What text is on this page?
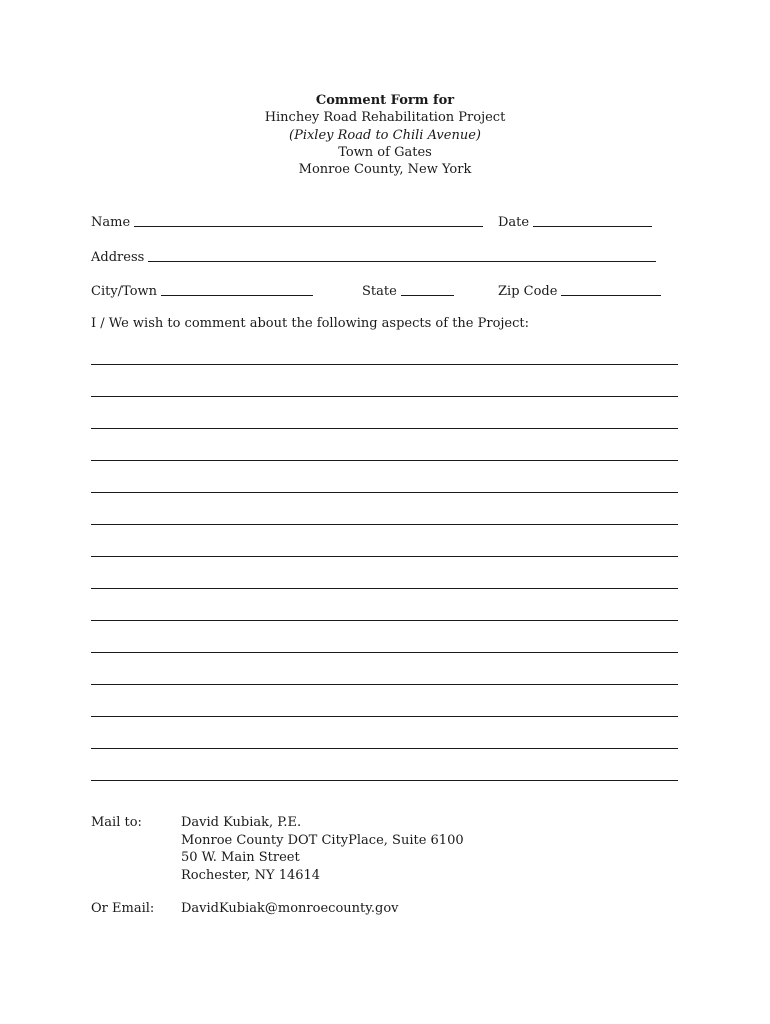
Comment Form for
Hinchey Road Rehabilitation Project
(Pixley Road to Chili Avenue)
Town of Gates
Monroe County, New York
Name	Date
Address
City/Town	State	Zip Code
I / We wish to comment about the following aspects of the Project:
Mail to:	David Kubiak, P.E.
Monroe County DOT CityPlace, Suite 6100
50 W. Main Street
Rochester, NY 14614
Or Email: DavidKubiak@monroecounty.gov
